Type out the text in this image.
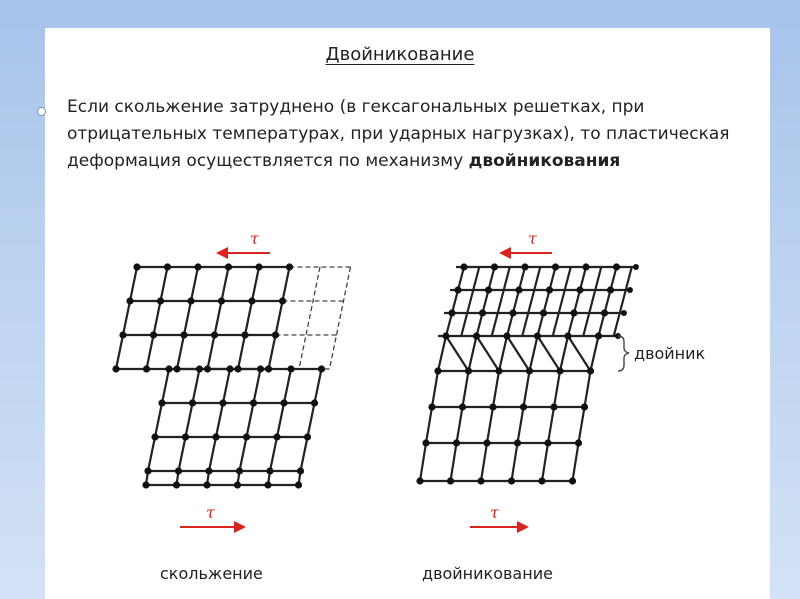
Двойникование
Если скольжение затруднено (в гексагональных решетках, при
отрицательных температурах, при ударных нагрузках), то пластическая
деформация осуществляется по механизму двойникования
τ	τ
τ	τ
двойник
скольжение	двойникование
